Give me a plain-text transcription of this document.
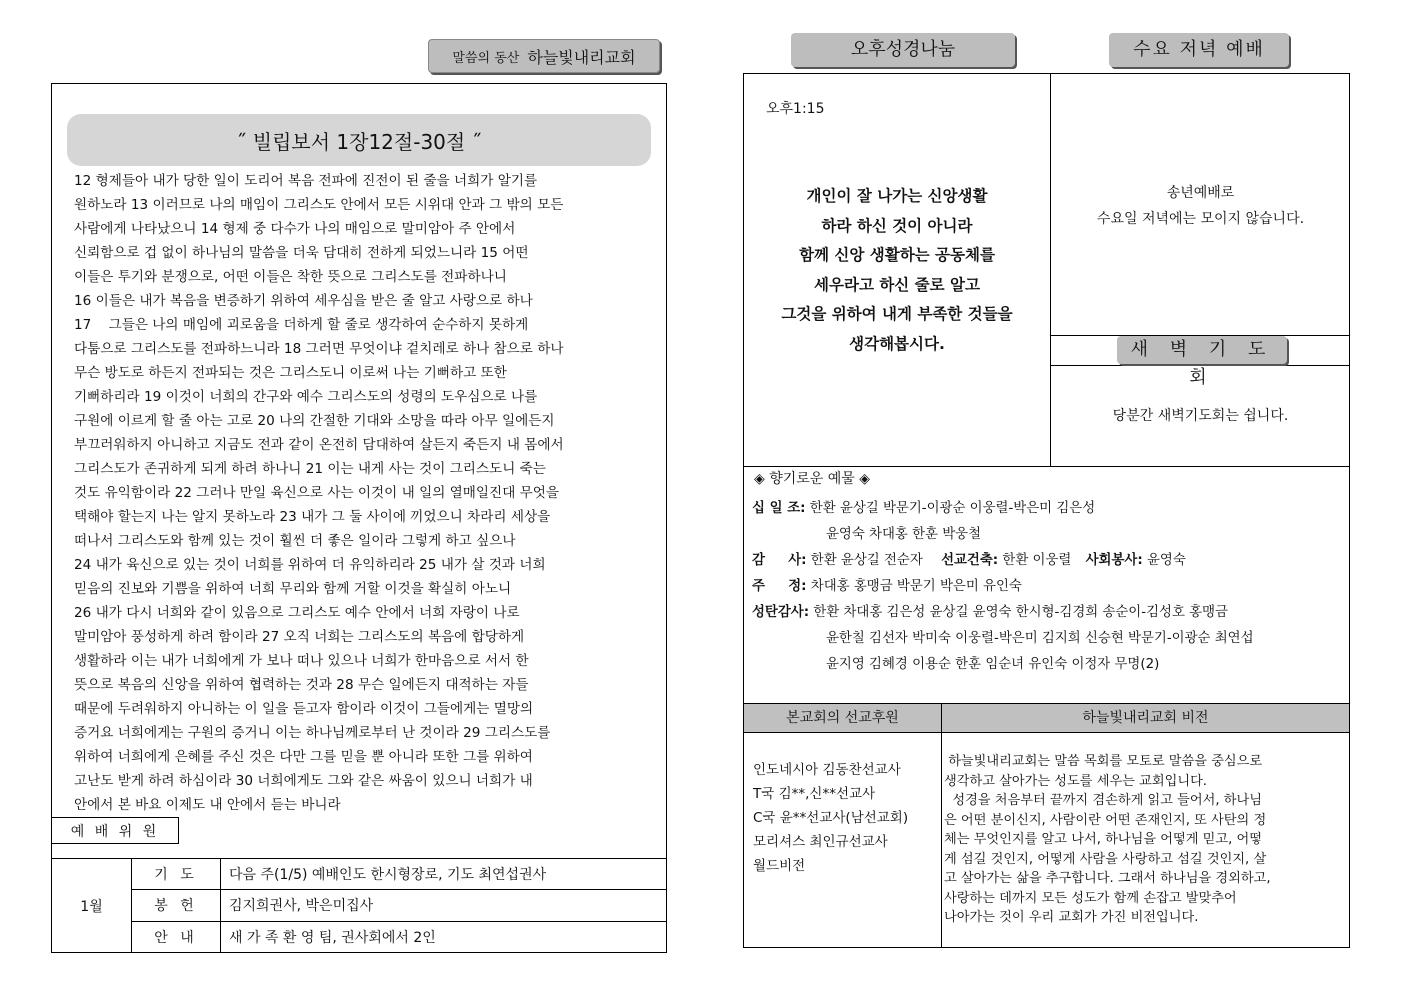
말씀의 동산 하늘빛내리교회
˝ 빌립보서 1장12절-30절 ˝
12 형제들아 내가 당한 일이 도리어 복음 전파에 진전이 된 줄을 너희가 알기를
원하노라 13 이러므로 나의 매임이 그리스도 안에서 모든 시위대 안과 그 밖의 모든
사람에게 나타났으니 14 형제 중 다수가 나의 매임으로 말미암아 주 안에서
신뢰함으로 겁 없이 하나님의 말씀을 더욱 담대히 전하게 되었느니라 15 어떤
이들은 투기와 분쟁으로, 어떤 이들은 착한 뜻으로 그리스도를 전파하나니
16 이들은 내가 복음을 변증하기 위하여 세우심을 받은 줄 알고 사랑으로 하나
17    그들은 나의 매임에 괴로움을 더하게 할 줄로 생각하여 순수하지 못하게
다툼으로 그리스도를 전파하느니라 18 그러면 무엇이냐 겉치레로 하나 참으로 하나
무슨 방도로 하든지 전파되는 것은 그리스도니 이로써 나는 기뻐하고 또한
기뻐하리라 19 이것이 너희의 간구와 예수 그리스도의 성령의 도우심으로 나를
구원에 이르게 할 줄 아는 고로 20 나의 간절한 기대와 소망을 따라 아무 일에든지
부끄러워하지 아니하고 지금도 전과 같이 온전히 담대하여 살든지 죽든지 내 몸에서
그리스도가 존귀하게 되게 하려 하나니 21 이는 내게 사는 것이 그리스도니 죽는
것도 유익함이라 22 그러나 만일 육신으로 사는 이것이 내 일의 열매일진대 무엇을
택해야 할는지 나는 알지 못하노라 23 내가 그 둘 사이에 끼었으니 차라리 세상을
떠나서 그리스도와 함께 있는 것이 훨씬 더 좋은 일이라 그렇게 하고 싶으나
24 내가 육신으로 있는 것이 너희를 위하여 더 유익하리라 25 내가 살 것과 너희
믿음의 진보와 기쁨을 위하여 너희 무리와 함께 거할 이것을 확실히 아노니
26 내가 다시 너희와 같이 있음으로 그리스도 예수 안에서 너희 자랑이 나로
말미암아 풍성하게 하려 함이라 27 오직 너희는 그리스도의 복음에 합당하게
생활하라 이는 내가 너희에게 가 보나 떠나 있으나 너희가 한마음으로 서서 한
뜻으로 복음의 신앙을 위하여 협력하는 것과 28 무슨 일에든지 대적하는 자들
때문에 두려워하지 아니하는 이 일을 듣고자 함이라 이것이 그들에게는 멸망의
증거요 너희에게는 구원의 증거니 이는 하나님께로부터 난 것이라 29 그리스도를
위하여 너희에게 은혜를 주신 것은 다만 그를 믿을 뿐 아니라 또한 그를 위하여
고난도 받게 하려 하심이라 30 너희에게도 그와 같은 싸움이 있으니 너희가 내
안에서 본 바요 이제도 내 안에서 듣는 바니라
예 배 위 원
1월	기 도	다음 주(1/5) 예배인도 한시형장로, 기도 최연섭권사
	봉 헌	김지희권사, 박은미집사
	안 내	새 가 족 환 영 팀, 권사회에서 2인
오후성경나눔	수요 저녁 예배
오후1:15
개인이 잘 나가는 신앙생활
하라 하신 것이 아니라
함께 신앙 생활하는 공동체를
세우라고 하신 줄로 알고
그것을 위하여 내게 부족한 것들을
생각해봅시다.
송년예배로
수요일 저녁에는 모이지 않습니다.
새 벽 기 도 회
당분간 새벽기도회는 쉽니다.
◈ 향기로운 예물 ◈
십 일 조: 한환 윤상길 박문기-이광순 이웅렬-박은미 김은성
윤영숙 차대홍 한훈 박웅철
감     사: 한환 윤상길 전순자 선교건축: 한환 이웅렬 사회봉사: 윤영숙
주     정: 차대홍 홍맹금 박문기 박은미 유인숙
성탄감사: 한환 차대홍 김은성 윤상길 윤영숙 한시형-김경희 송순이-김성호 홍맹금
윤한칠 김선자 박미숙 이웅렬-박은미 김지희 신승현 박문기-이광순 최연섭
윤지영 김혜경 이용순 한훈 임순녀 유인숙 이정자 무명(2)
본교회의 선교후원	하늘빛내리교회 비전
인도네시아 김동찬선교사
T국 김**,신**선교사
C국 윤**선교사(남선교회)
모리셔스 최인규선교사
월드비전
하늘빛내리교회는 말씀 목회를 모토로 말씀을 중심으로
생각하고 살아가는 성도를 세우는 교회입니다.
성경을 처음부터 끝까지 겸손하게 읽고 들어서, 하나님
은 어떤 분이신지, 사람이란 어떤 존재인지, 또 사탄의 정
체는 무엇인지를 알고 나서, 하나님을 어떻게 믿고, 어떻
게 섬길 것인지, 어떻게 사람을 사랑하고 섬길 것인지, 살
고 살아가는 삶을 추구합니다. 그래서 하나님을 경외하고,
사랑하는 데까지 모든 성도가 함께 손잡고 발맞추어
나아가는 것이 우리 교회가 가진 비전입니다.
